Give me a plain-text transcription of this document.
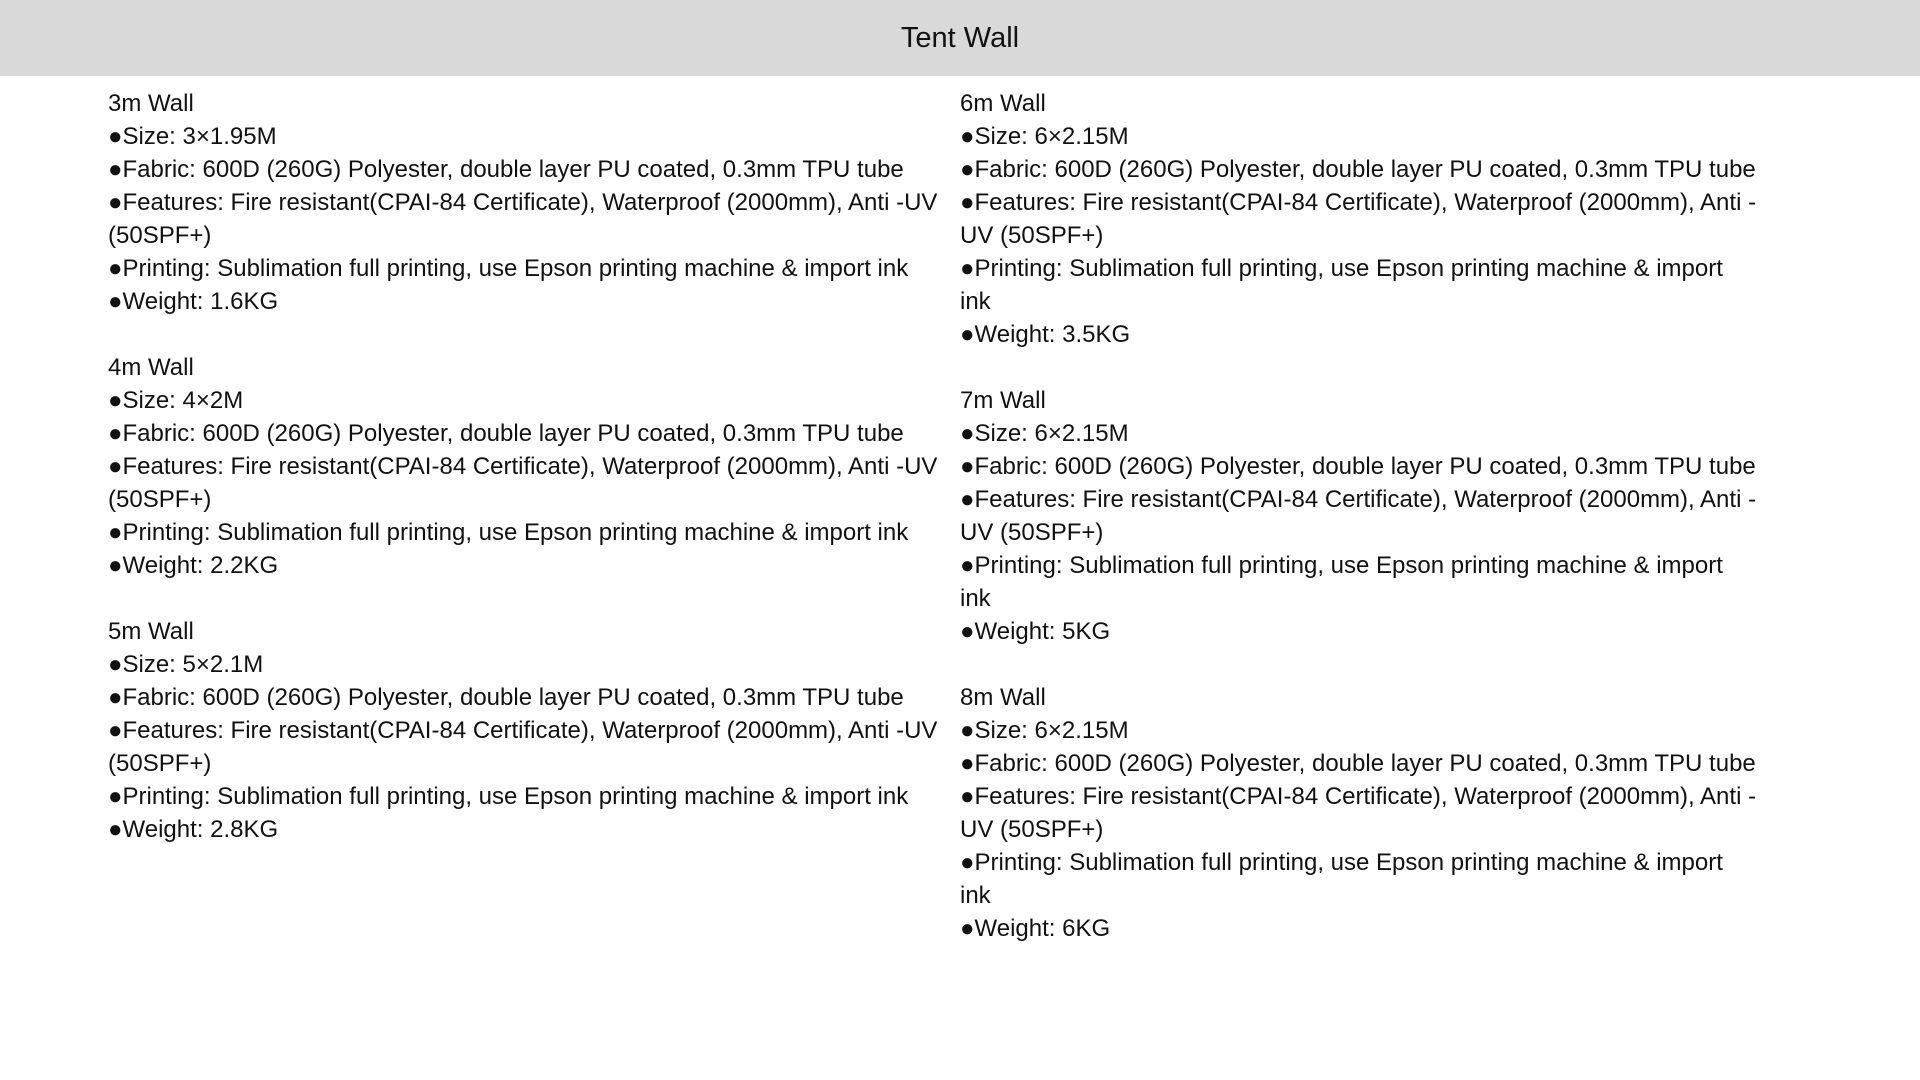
Tent Wall

3m Wall

●Size: 3×1.95M

●Fabric: 600D (260G) Polyester, double layer PU coated, 0.3mm TPU tube

●Features: Fire resistant(CPAI-84 Certificate), Waterproof (2000mm), Anti -UV (50SPF+)

●Printing: Sublimation full printing, use Epson printing machine & import ink

●Weight: 1.6KG

4m Wall

●Size: 4×2M

●Fabric: 600D (260G) Polyester, double layer PU coated, 0.3mm TPU tube

●Features: Fire resistant(CPAI-84 Certificate), Waterproof (2000mm), Anti -UV (50SPF+)

●Printing: Sublimation full printing, use Epson printing machine & import ink

●Weight: 2.2KG

5m Wall

●Size: 5×2.1M

●Fabric: 600D (260G) Polyester, double layer PU coated, 0.3mm TPU tube

●Features: Fire resistant(CPAI-84 Certificate), Waterproof (2000mm), Anti -UV (50SPF+)

●Printing: Sublimation full printing, use Epson printing machine & import ink

●Weight: 2.8KG

6m Wall

●Size: 6×2.15M

●Fabric: 600D (260G) Polyester, double layer PU coated, 0.3mm TPU tube

●Features: Fire resistant(CPAI-84 Certificate), Waterproof (2000mm), Anti -UV (50SPF+)

●Printing: Sublimation full printing, use Epson printing machine & import ink

●Weight: 3.5KG

7m Wall

●Size: 6×2.15M

●Fabric: 600D (260G) Polyester, double layer PU coated, 0.3mm TPU tube

●Features: Fire resistant(CPAI-84 Certificate), Waterproof (2000mm), Anti -UV (50SPF+)

●Printing: Sublimation full printing, use Epson printing machine & import ink

●Weight: 5KG

8m Wall

●Size: 6×2.15M

●Fabric: 600D (260G) Polyester, double layer PU coated, 0.3mm TPU tube

●Features: Fire resistant(CPAI-84 Certificate), Waterproof (2000mm), Anti -UV (50SPF+)

●Printing: Sublimation full printing, use Epson printing machine & import ink

●Weight: 6KG
